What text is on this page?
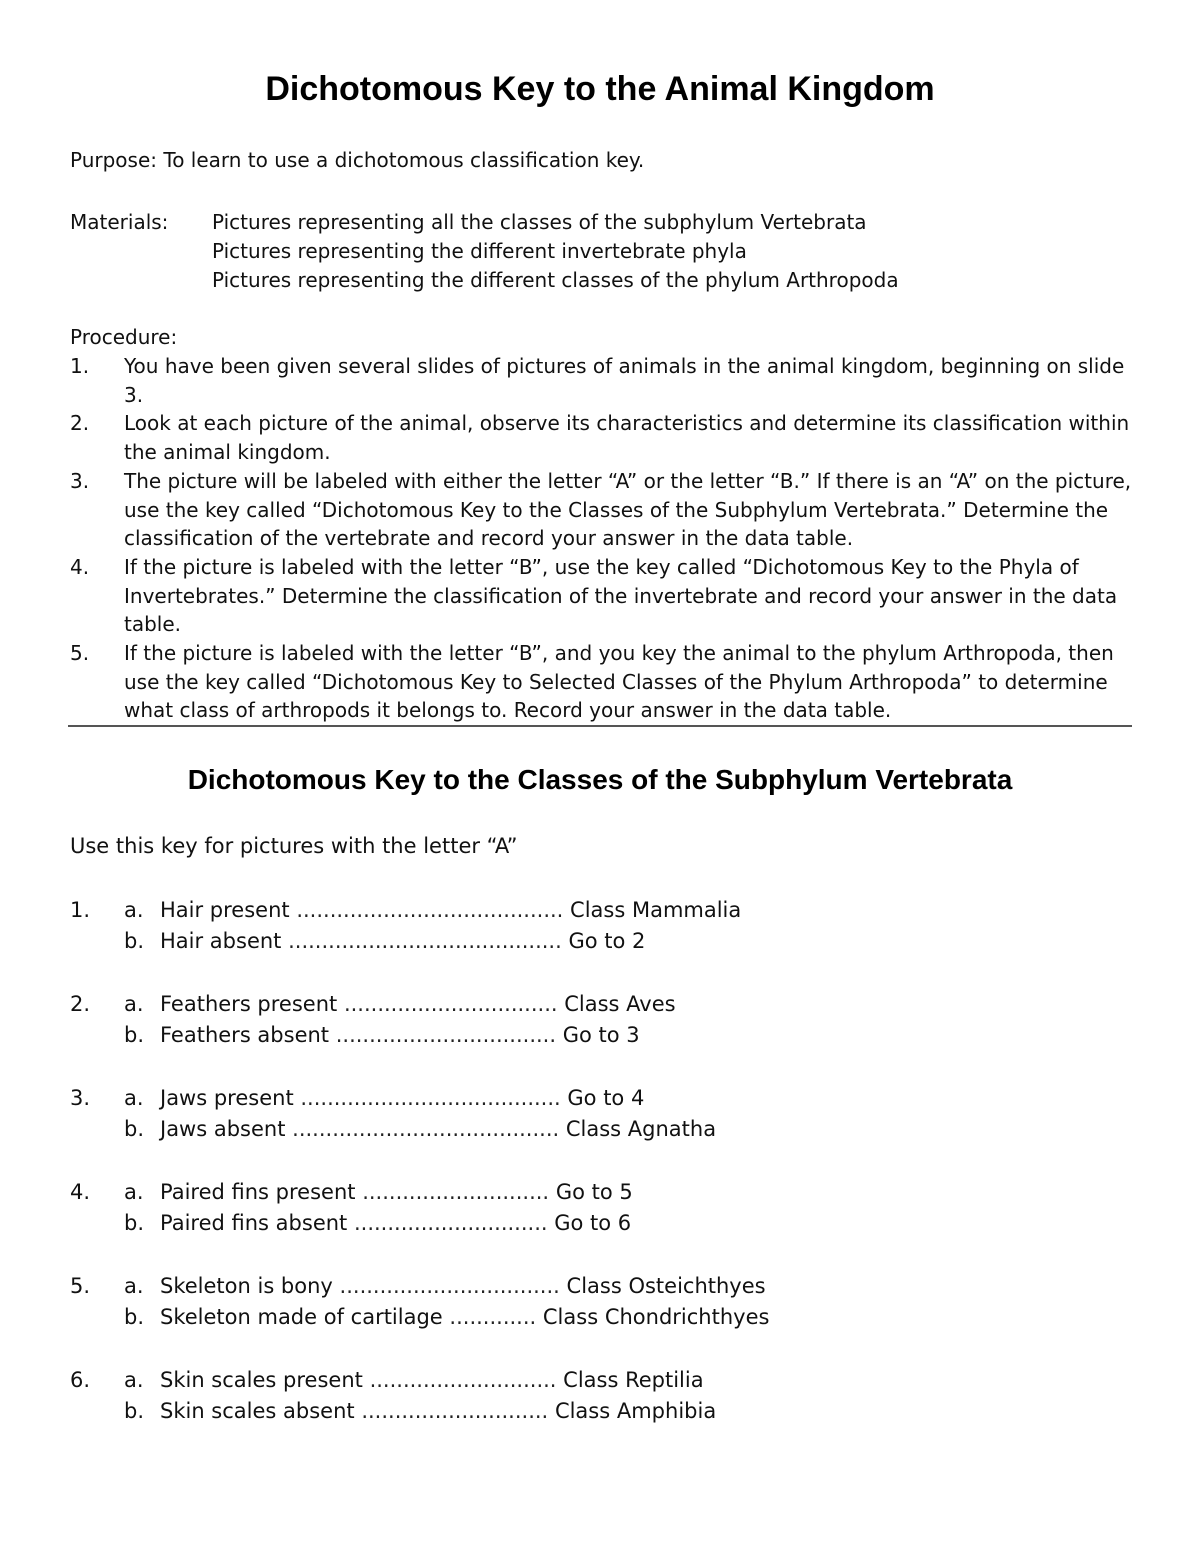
Dichotomous Key to the Animal Kingdom
Purpose: To learn to use a dichotomous classification key.
Materials: Pictures representing all the classes of the subphylum Vertebrata
Pictures representing the different invertebrate phyla
Pictures representing the different classes of the phylum Arthropoda
Procedure:
1. You have been given several slides of pictures of animals in the animal kingdom, beginning on slide 3.
2. Look at each picture of the animal, observe its characteristics and determine its classification within the animal kingdom.
3. The picture will be labeled with either the letter “A” or the letter “B.” If there is an “A” on the picture, use the key called “Dichotomous Key to the Classes of the Subphylum Vertebrata.” Determine the classification of the vertebrate and record your answer in the data table.
4. If the picture is labeled with the letter “B”, use the key called “Dichotomous Key to the Phyla of Invertebrates.” Determine the classification of the invertebrate and record your answer in the data table.
5. If the picture is labeled with the letter “B”, and you key the animal to the phylum Arthropoda, then use the key called “Dichotomous Key to Selected Classes of the Phylum Arthropoda” to determine what class of arthropods it belongs to. Record your answer in the data table.
Dichotomous Key to the Classes of the Subphylum Vertebrata
Use this key for pictures with the letter “A”
1. a. Hair present ........................................ Class Mammalia
b. Hair absent ......................................... Go to 2
2. a. Feathers present ................................ Class Aves
b. Feathers absent ................................. Go to 3
3. a. Jaws present ....................................... Go to 4
b. Jaws absent ........................................ Class Agnatha
4. a. Paired fins present ............................ Go to 5
b. Paired fins absent ............................. Go to 6
5. a. Skeleton is bony ................................. Class Osteichthyes
b. Skeleton made of cartilage ............. Class Chondrichthyes
6. a. Skin scales present ............................ Class Reptilia
b. Skin scales absent ............................ Class Amphibia
